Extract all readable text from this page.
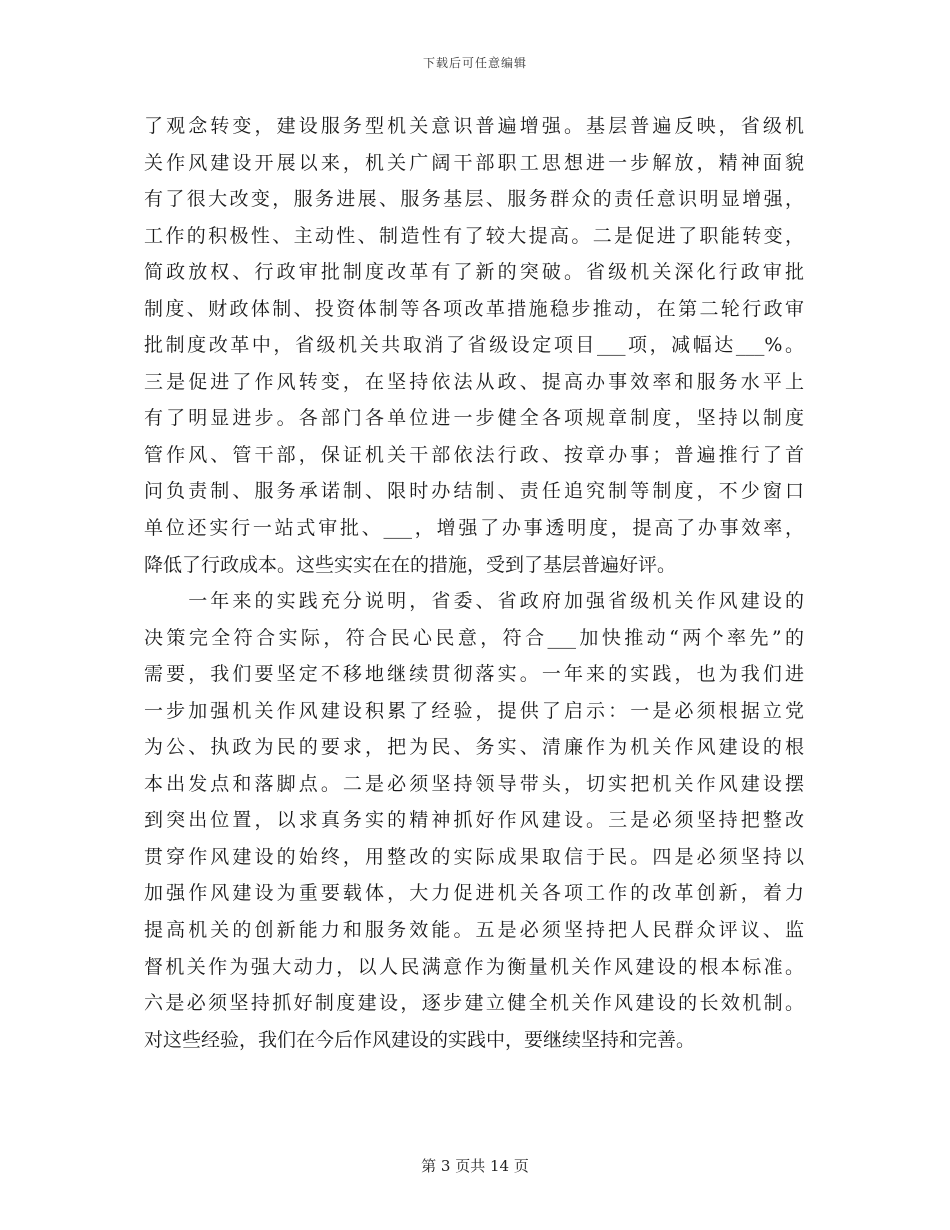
下载后可任意编辑
了观念转变，建设服务型机关意识普遍增强。基层普遍反映，省级机
关作风建设开展以来，机关广阔干部职工思想进一步解放，精神面貌
有了很大改变，服务进展、服务基层、服务群众的责任意识明显增强，
工作的积极性、主动性、制造性有了较大提高。二是促进了职能转变，
简政放权、行政审批制度改革有了新的突破。省级机关深化行政审批
制度、财政体制、投资体制等各项改革措施稳步推动，在第二轮行政审
批制度改革中，省级机关共取消了省级设定项目___项，减幅达___%。
三是促进了作风转变，在坚持依法从政、提高办事效率和服务水平上
有了明显进步。各部门各单位进一步健全各项规章制度，坚持以制度
管作风、管干部，保证机关干部依法行政、按章办事；普遍推行了首
问负责制、服务承诺制、限时办结制、责任追究制等制度，不少窗口
单位还实行一站式审批、___，增强了办事透明度，提高了办事效率，
降低了行政成本。这些实实在在的措施，受到了基层普遍好评。
　　一年来的实践充分说明，省委、省政府加强省级机关作风建设的
决策完全符合实际，符合民心民意，符合___加快推动“两个率先”的
需要，我们要坚定不移地继续贯彻落实。一年来的实践，也为我们进
一步加强机关作风建设积累了经验，提供了启示：一是必须根据立党
为公、执政为民的要求，把为民、务实、清廉作为机关作风建设的根
本出发点和落脚点。二是必须坚持领导带头，切实把机关作风建设摆
到突出位置，以求真务实的精神抓好作风建设。三是必须坚持把整改
贯穿作风建设的始终，用整改的实际成果取信于民。四是必须坚持以
加强作风建设为重要载体，大力促进机关各项工作的改革创新，着力
提高机关的创新能力和服务效能。五是必须坚持把人民群众评议、监
督机关作为强大动力，以人民满意作为衡量机关作风建设的根本标准。
六是必须坚持抓好制度建设，逐步建立健全机关作风建设的长效机制。
对这些经验，我们在今后作风建设的实践中，要继续坚持和完善。
第 3 页共 14 页
